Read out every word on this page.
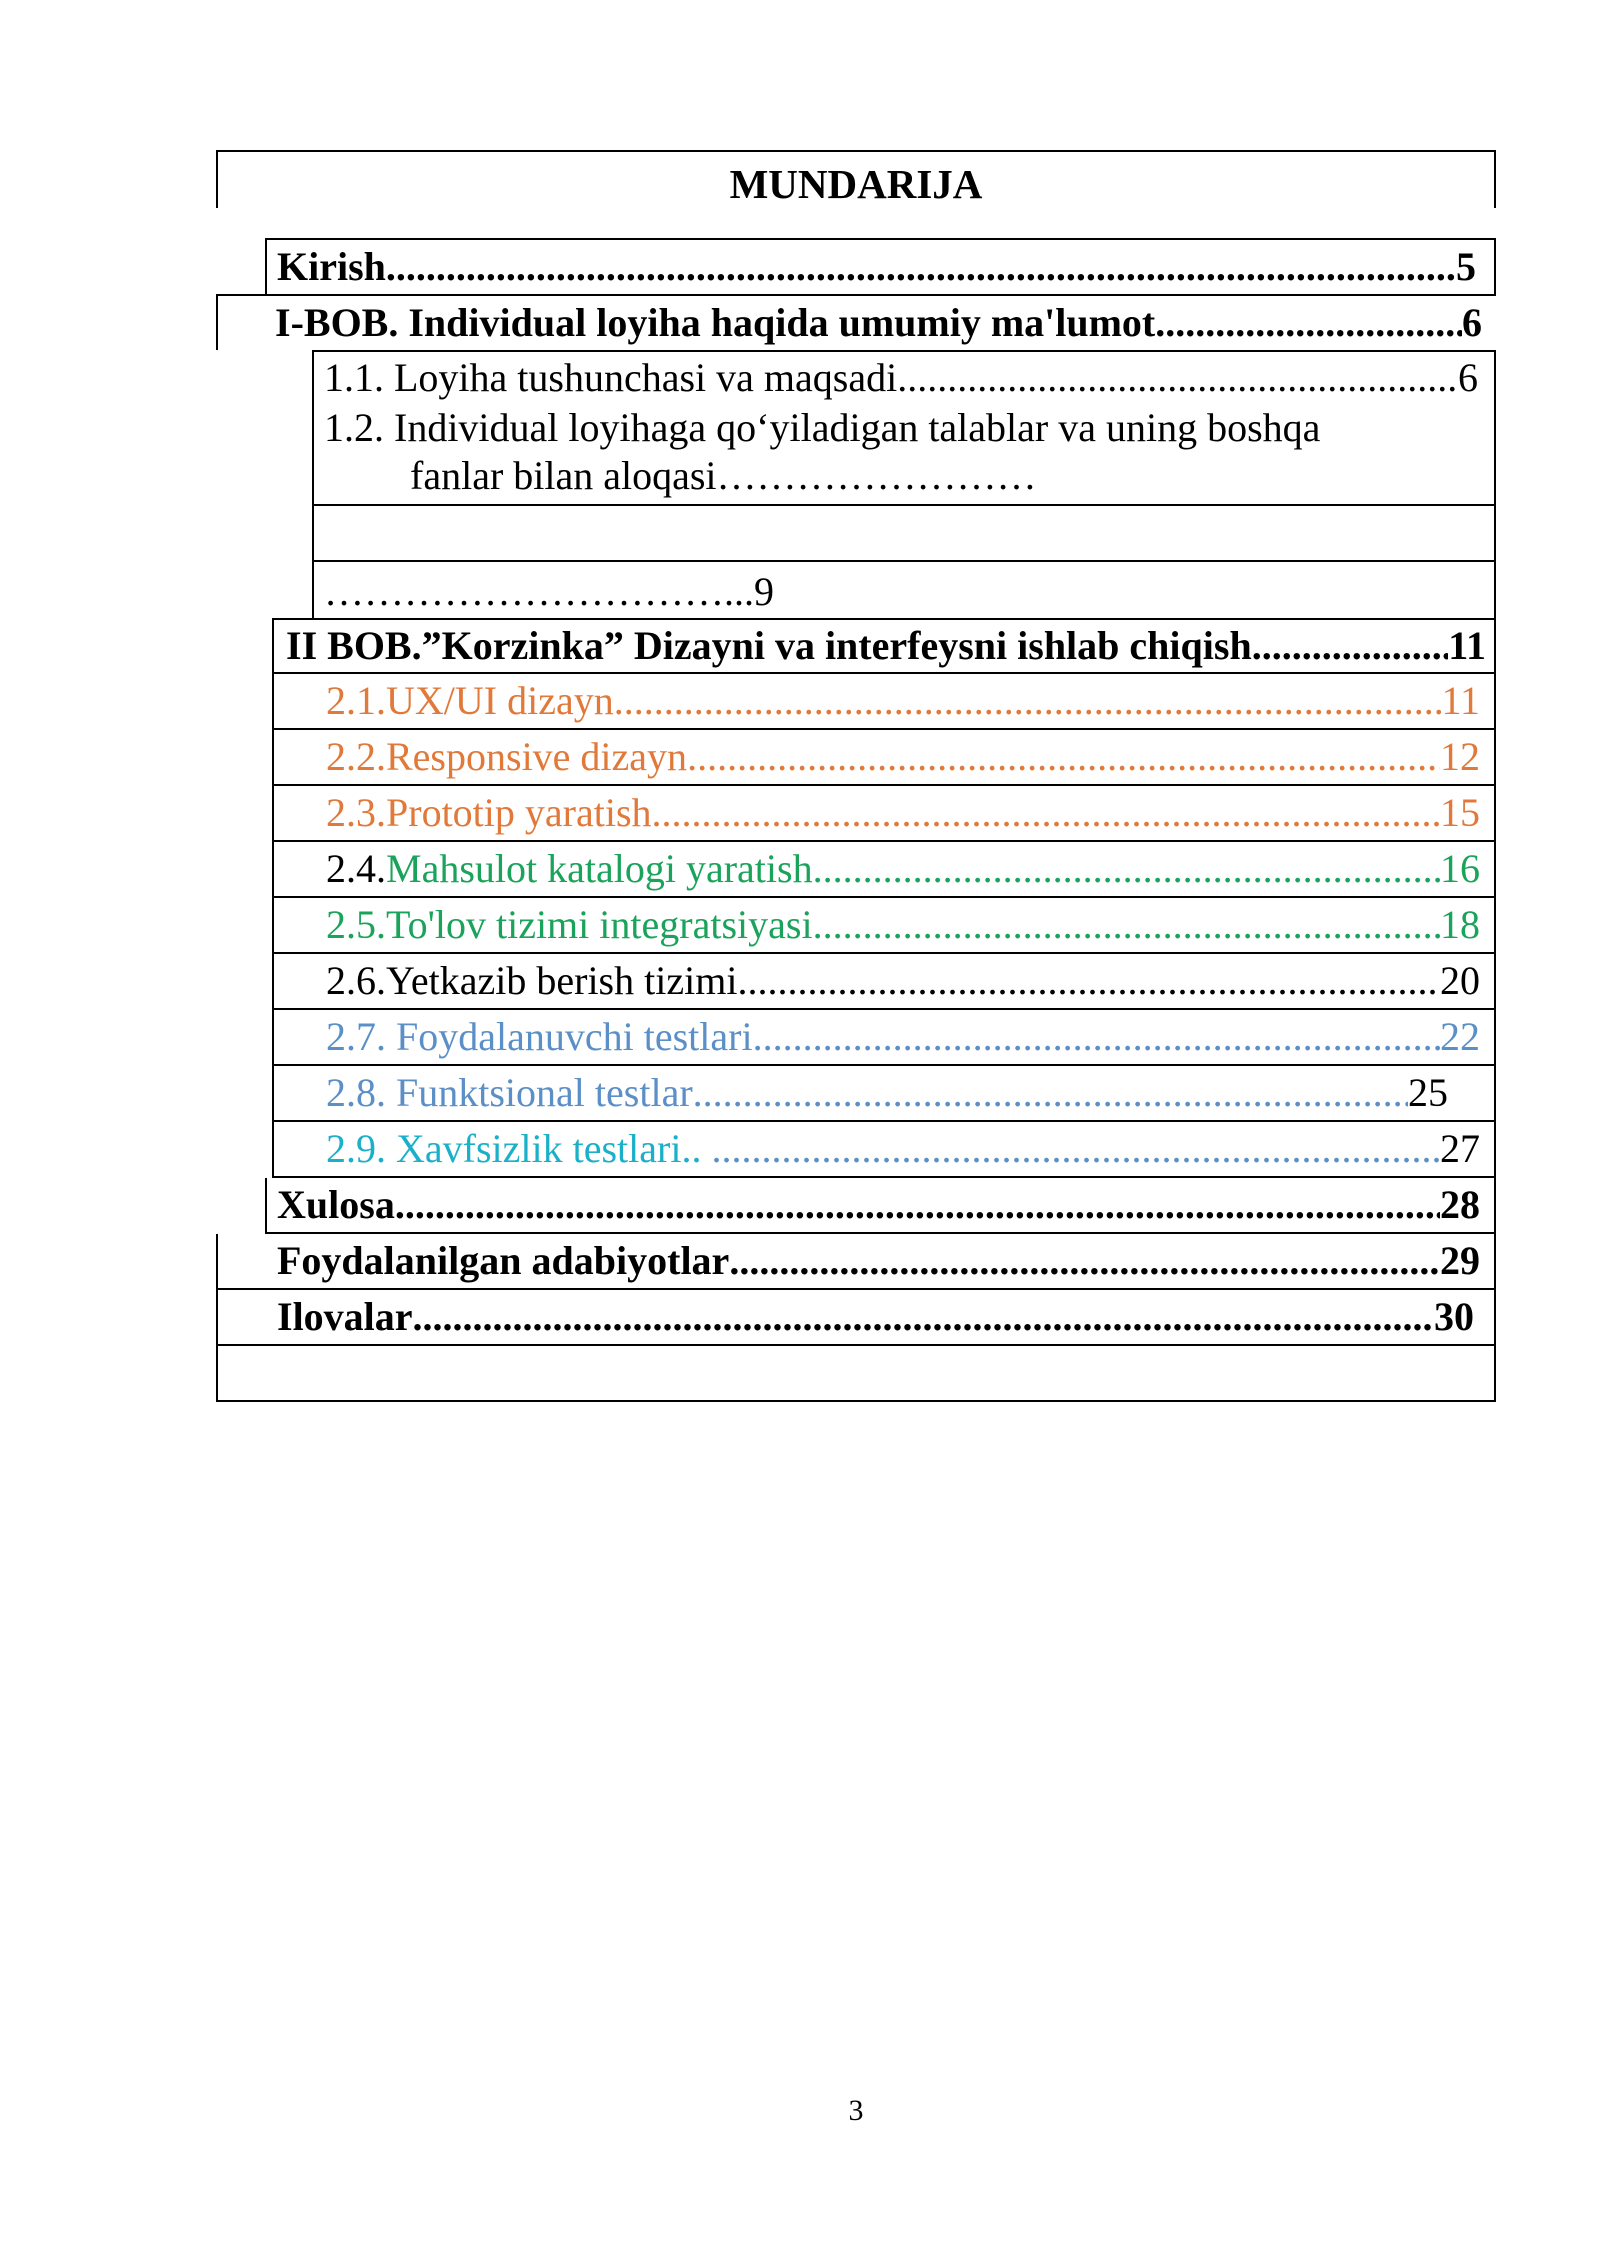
MUNDARIJA
Kirish .....	5
I-BOB. Individual loyiha haqida umumiy ma'lumot .....	6
1.1. Loyiha tushunchasi va maqsadi .....	6
1.2. Individual loyihaga qo‘yiladigan talablar va uning boshqa
fanlar bilan aloqasi……………………
…………………………...9
II BOB.”Korzinka” Dizayni va interfeysni ishlab chiqish .....	11
2.1.UX/UI dizayn .....	11
2.2.Responsive dizayn .....	12
2.3.Prototip yaratish .....	15
2.4. Mahsulot katalogi yaratish .....	16
2.5.To'lov tizimi integratsiyasi .....	18
2.6.Yetkazib berish tizimi .....	20
2.7. Foydalanuvchi testlari .....	22
2.8. Funktsional testlar .....	25
2.9. Xavfsizlik testlari.. .....	27
Xulosa .....	28
Foydalanilgan adabiyotlar .....	29
Ilovalar .....	30
3
